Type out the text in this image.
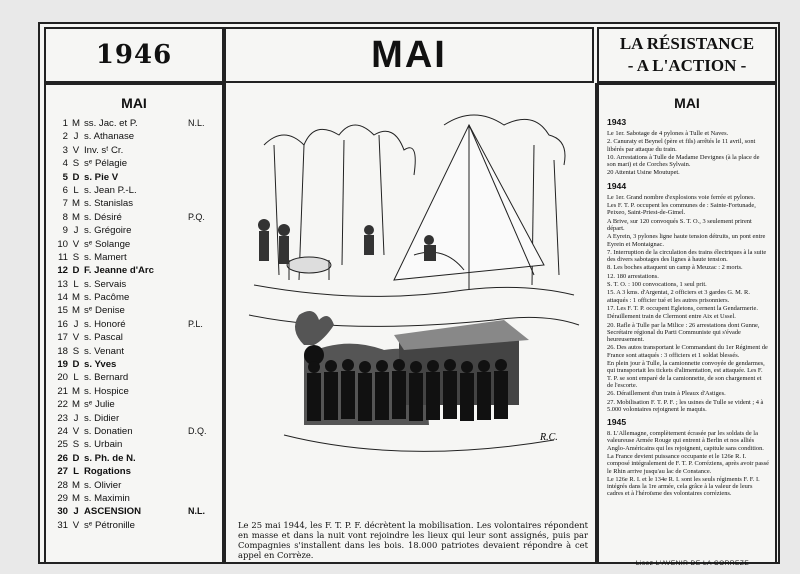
1946	MAI	LA RÉSISTANCE
- A L'ACTION -
MAI
1 M ss. Jac. et P.	N.L.
2 J s. Athanase
3 V Inv. sᵗ Cr.
4 S sᵉ Pélagie
5 D s. Pie V
6 L s. Jean P.-L.
7 M s. Stanislas
8 M s. Désiré	P.Q.
9 J s. Grégoire
10 V sᵉ Solange
11 S s. Mamert
12 D F. Jeanne d'Arc
13 L s. Servais
14 M s. Pacôme
15 M sᵉ Denise
16 J s. Honoré	P.L.
17 V s. Pascal
18 S s. Venant
19 D s. Yves
20 L s. Bernard
21 M s. Hospice
22 M sᵉ Julie
23 J s. Didier
24 V s. Donatien	D.Q.
25 S s. Urbain
26 D s. Ph. de N.
27 L Rogations
28 M s. Olivier
29 M s. Maximin
30 J ASCENSION	N.L.
31 V sᵉ Pétronille
R.C.
Le 25 mai 1944, les F. T. P. F. décrètent la mobilisation. Les volontaires répondent en masse et dans la nuit vont rejoindre les lieux qui leur sont assignés, puis par Compagnies s'installent dans les bois. 18.000 patriotes devaient répondre à cet appel en Corrèze.
MAI
1943
Le 1er. Sabotage de 4 pylones à Tulle et Naves.
2. Canuraty et Beynel (père et fils) arrêtés le 11 avril, sont libérés par attaque du train.
10. Arrestations à Tulle de Madame Devignes (à la place de son mari) et de Corches Sylvain.
20 Attentat Usine Moutupet.
1944
Le 1er. Grand nombre d'explosions voie ferrée et pylones.
Les F. T. P. occupent les communes de : Sainte-Fortunade, Peixeo, Saint-Priest-de-Gimel.
A Brive, sur 120 convoqués S. T. O., 3 seulement prirent départ.
A Eyrein, 3 pylones ligne haute tension détruits, un pont entre Eyrein et Montaignac.
7. Interruption de la circulation des trains électriques à la suite des divers sabotages des lignes à haute tension.
8. Les boches attaquent un camp à Meuzac : 2 morts.
12. 180 arrestations.
S. T. O. : 100 convocations, 1 seul prit.
15. A 3 kms. d'Argentat, 2 officiers et 3 gardes G. M. R. attaqués : 1 officier tué et les autres prisonniers.
17. Les F. T. P. occupent Egletons, cernent la Gendarmerie.
Déraillement train de Clermont entre Aix et Ussel.
20. Rafle à Tulle par la Milice : 26 arrestations dont Gunne, Secrétaire régional du Parti Communiste qui s'évade heureusement.
26. Des autos transportant le Commandant du 1er Régiment de France sont attaqués : 3 officiers et 1 soldat blessés.
En plein jour à Tulle, la camionnette convoyée de gendarmes, qui transportait les tickets d'alimentation, est attaquée. Les F. T. P. se sont emparé de la camionnette, de son chargement et de l'escorte.
26. Déraillement d'un train à Pleaux d'Astiges.
27. Mobilisation F. T. P. F. ; les usines de Tulle se vident ; 4 à 5.000 volontaires rejoignent le maquis.
1945
8. L'Allemagne, complètement écrasée par les soldats de la valeureuse Armée Rouge qui entrent à Berlin et nos alliés Anglo-Américains qui les rejoignent, capitule sans condition.
La France devient puissance occupante et le 126e R. I. composé intégralement de F. T. P. Corréziens, après avoir passé le Rhin arrive jusqu'au lac de Constance.
Le 126e R. I. et le 134e R. I. sont les seuls régiments F. F. I. intégrés dans la 1re armée, cela grâce à la valeur de leurs cadres et à l'héroïsme des volontaires corréziens.
Lisez L'AVENIR DE LA CORREZE
